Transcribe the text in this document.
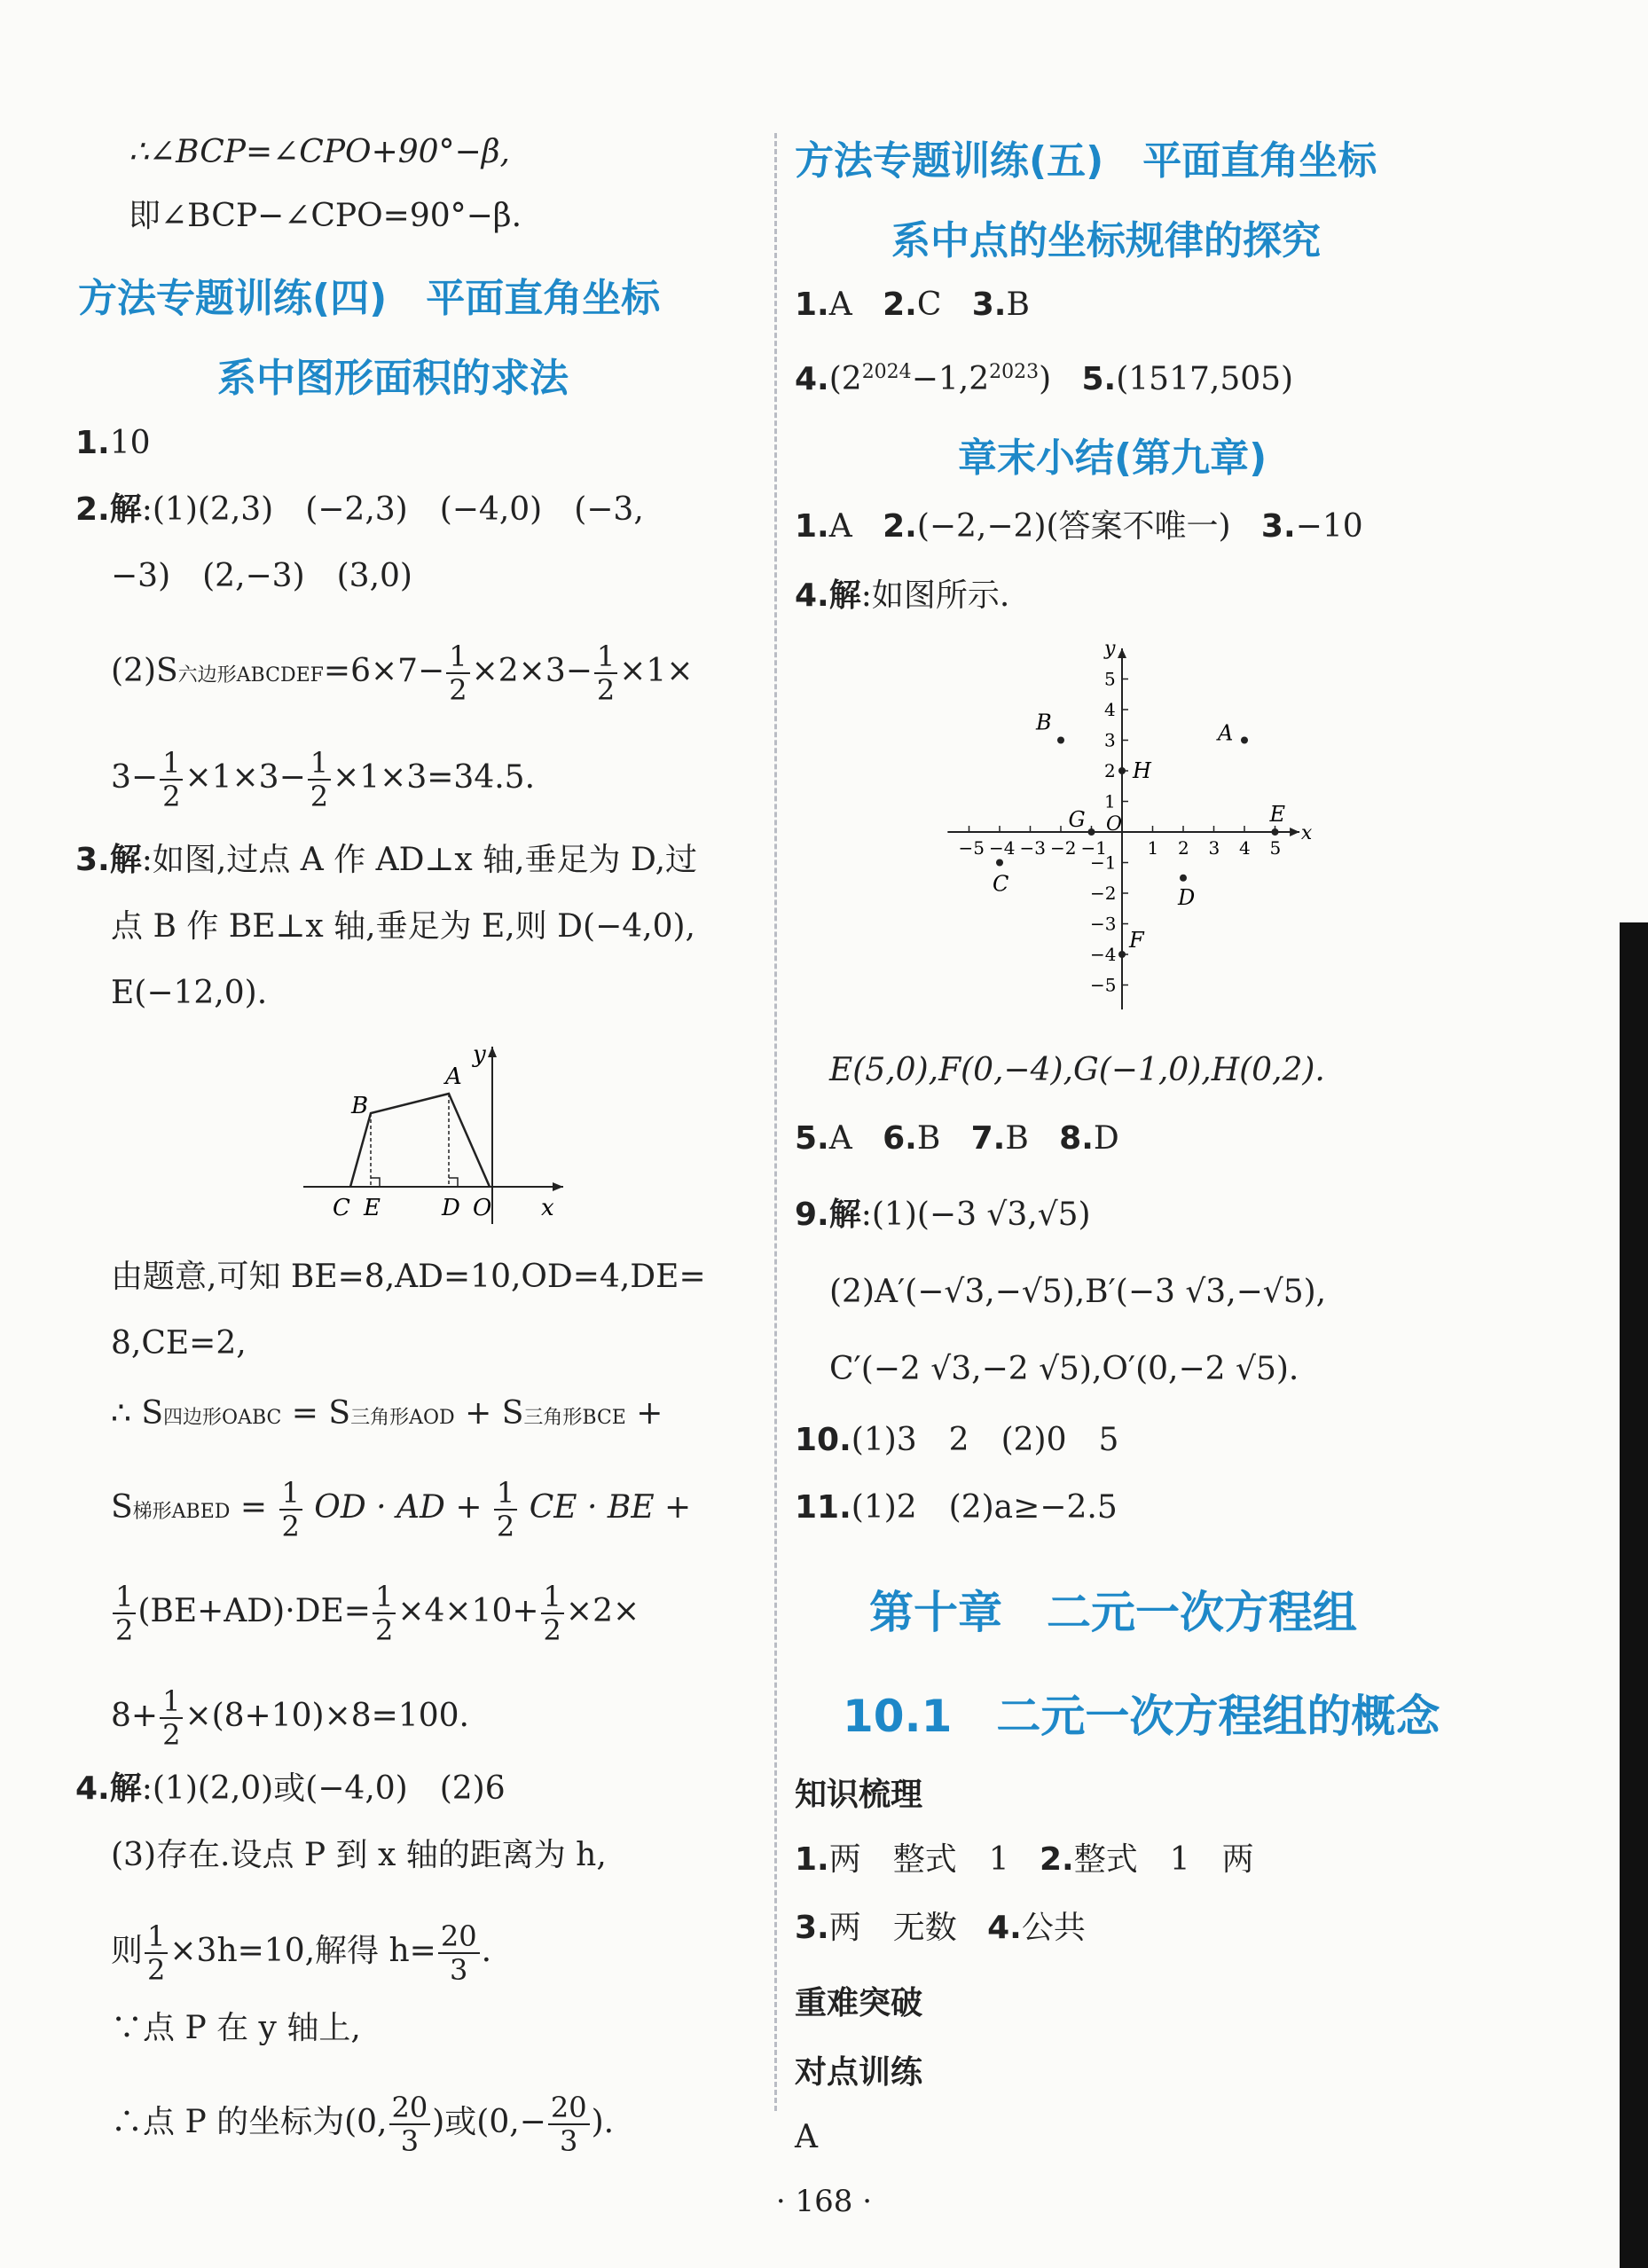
∴∠BCP=∠CPO+90°−β,
即∠BCP−∠CPO=90°−β.
方法专题训练(四)　平面直角坐标
系中图形面积的求法
1.10
2.解:(1)(2,3)　(−2,3)　(−4,0)　(−3,
−3)　(2,−3)　(3,0)
(2)S六边形ABCDEF=6×7− $\frac{1}{2} \times 2\times 3- \frac{1}{2} \times 1\times$
$3- \frac{1}{2} \times 1\times 3- \frac{1}{2} \times 1\times 3=34.5$.
3.解:如图,过点 A 作 AD⊥x 轴,垂足为 D,过
点 B 作 BE⊥x 轴,垂足为 E,则 D(−4,0),
E(−12,0).
B
A
C E	D O x
y
由题意,可知 BE=8,AD=10,OD=4,DE=
8,CE=2,
∴ S四边形OABC = S三角形AOD + S三角形BCE +
S梯形ABED = $\frac{1}{2}$ OD · AD + $\frac{1}{2}$ CE · BE +
$\frac{1}{2} (BE+AD)\cdot DE= \frac{1}{2} \times 4\times 10+ \frac{1}{2} \times 2\times$
$8+ \frac{1}{2} \times(8+10)\times 8=100$.
4.解:(1)(2,0)或(−4,0)　(2)6
(3)存在.设点 P 到 x 轴的距离为 h,
则 $\frac{1}{2} \times 3h=10$,解得 $h= \frac{20}{3}$ .
∵点 P 在 y 轴上,
∴点 P 的坐标为(0, $\frac{20}{3}$ )或($0,- \frac{20}{3}$ ).
方法专题训练(五)　平面直角坐标
系中点的坐标规律的探究
1.A 2.C 3.B
$4.(2^{2024}-1,2^{2023})$ 5.(1517,505)
章末小结(第九章)
1.A 2.(−2,−2)(答案不唯一) 3.−10
4.解:如图所示.
x
y
O
−5 −4 −3 −2 −1 1 2 3 4 5
5
4
3
2
1
−1
−2
−3
−4
−5
A
B
C
D
E
F
G
H
E(5,0),F(0,−4),G(−1,0),H(0,2).
5.A 6.B 7.B 8.D
9.解:(1)(−3 √3,√5)
(2)A′(−√3,−√5),B′(−3 √3,−√5),
C′(−2 √3,−2 √5),O′(0,−2 √5).
10.(1)3　2　(2)0　5
11.(1)2　(2)a≥−2.5
第十章　二元一次方程组
10.1　二元一次方程组的概念
知识梳理
1.两　整式　1 2.整式　1　两
3.两　无数 4.公共
重难突破
对点训练
A
· 168 ·
